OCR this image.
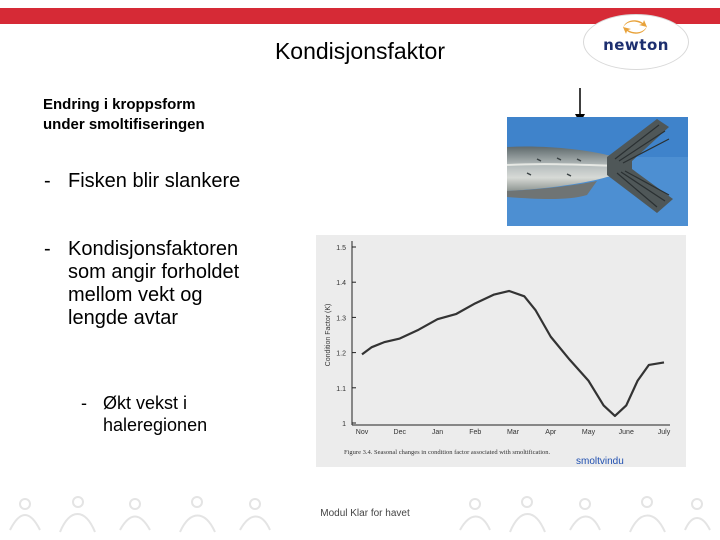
Kondisjonsfaktor	newton
Endring i kroppsform
under smoltifiseringen
- Fisken blir slankere
- Kondisjonsfaktoren
som angir forholdet
mellom vekt og
lengde avtar
- Økt vekst i
haleregionen	1
1.1
1.2
1.3
1.4
1.5
Nov	Dec	Jan	Feb	Mar	Apr	May	June	July
Condition Factor (K)
Figure 3.4. Seasonal changes in condition factor associated with smoltification.
smoltvindu
Modul Klar for havet
